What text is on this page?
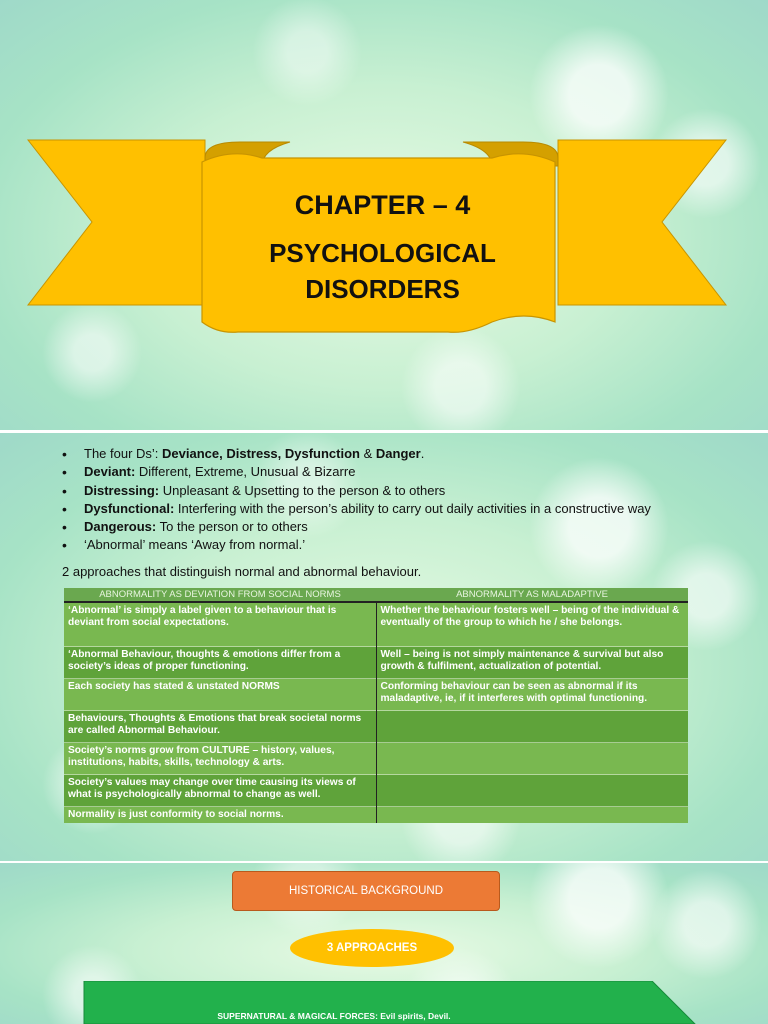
CHAPTER – 4
PSYCHOLOGICAL
DISORDERS
• The four Ds’: Deviance, Distress, Dysfunction & Danger.
• Deviant: Different, Extreme, Unusual & Bizarre
• Distressing: Unpleasant & Upsetting to the person & to others
• Dysfunctional: Interfering with the person’s ability to carry out daily activities in a constructive way
• Dangerous: To the person or to others
• ‘Abnormal’ means ‘Away from normal.’
2 approaches that distinguish normal and abnormal behaviour.
ABNORMALITY AS DEVIATION FROM SOCIAL NORMS	ABNORMALITY AS MALADAPTIVE
‘Abnormal’ is simply a label given to a behaviour that is deviant from social expectations.	Whether the behaviour fosters well – being of the individual & eventually of the group to which he / she belongs.
‘Abnormal Behaviour, thoughts & emotions differ from a society’s ideas of proper functioning.	Well – being is not simply maintenance & survival but also growth & fulfilment, actualization of potential.
Each society has stated & unstated NORMS	Conforming behaviour can be seen as abnormal if its maladaptive, ie, if it interferes with optimal functioning.
Behaviours, Thoughts & Emotions that break societal norms are called Abnormal Behaviour.	
Society’s norms grow from CULTURE – history, values, institutions, habits, skills, technology & arts.	
Society’s values may change over time causing its views of what is psychologically abnormal to change as well.	
Normality is just conformity to social norms.	
HISTORICAL BACKGROUND
3 APPROACHES
SUPERNATURAL & MAGICAL FORCES: Evil spirits, Devil.
